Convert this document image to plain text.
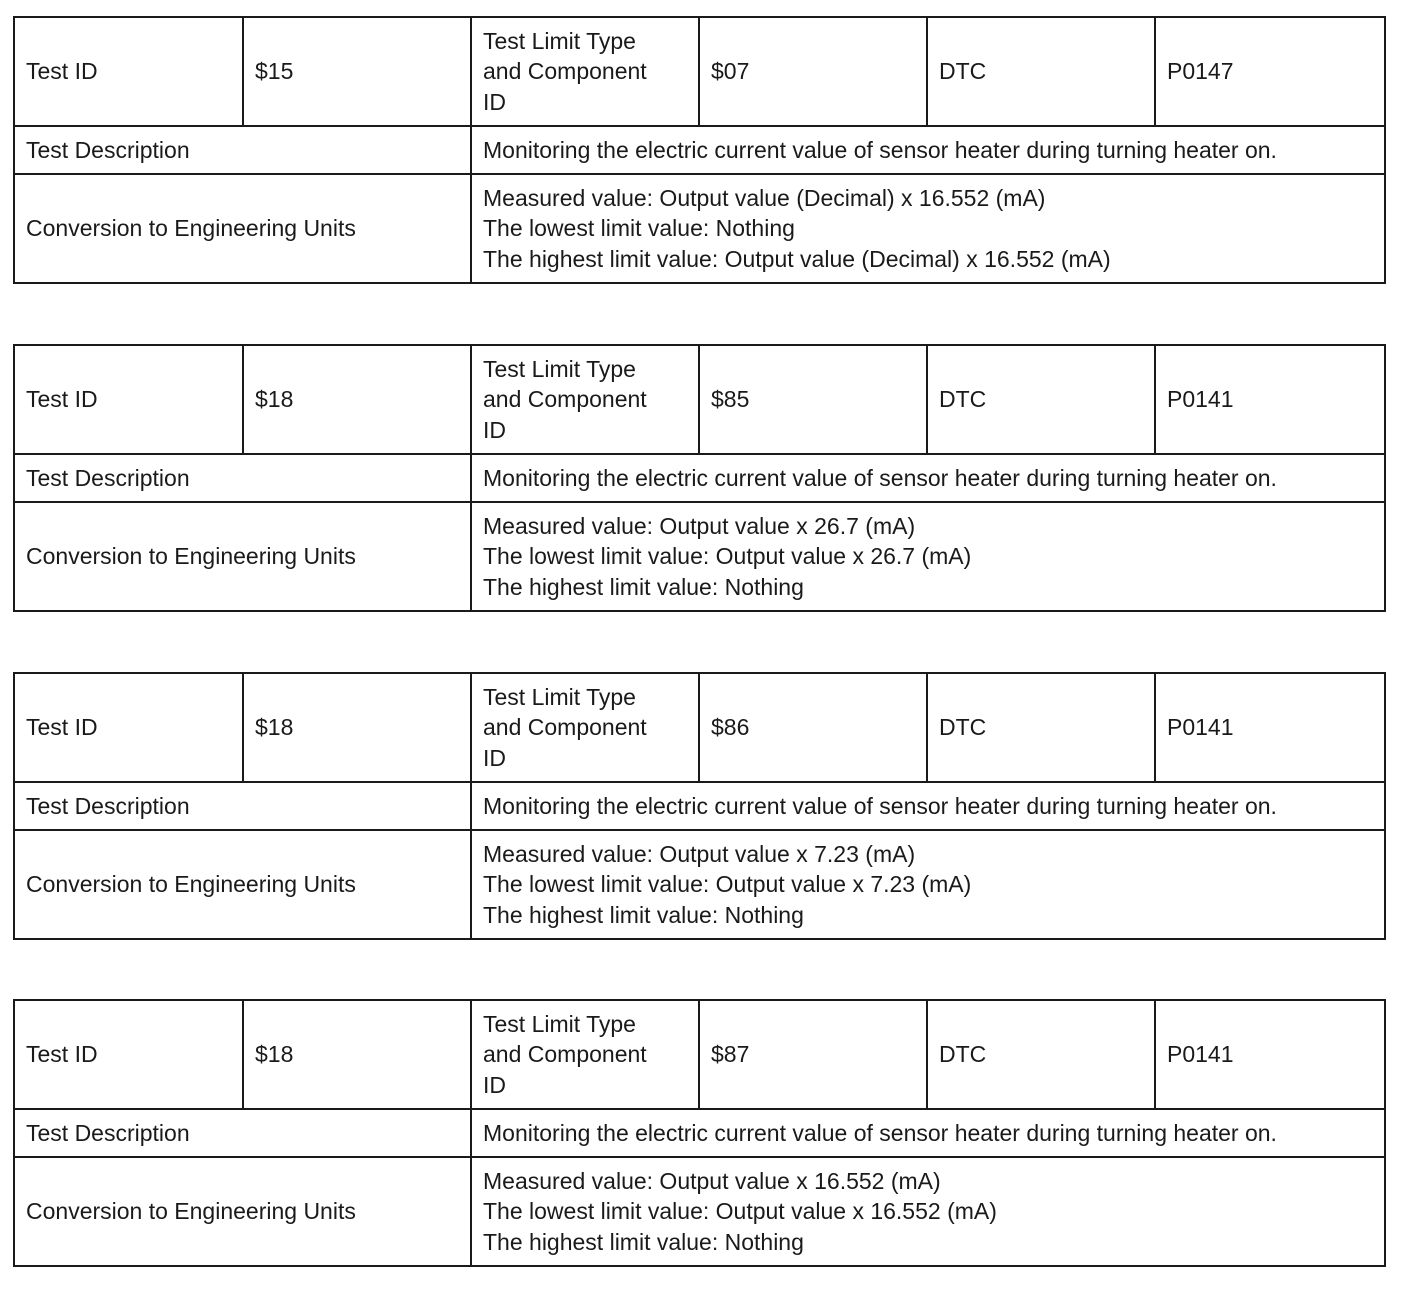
Test ID	$15	Test Limit Type
and Component
ID	$07	DTC	P0147
Test Description		Monitoring the electric current value of sensor heater during turning heater on.			
Conversion to Engineering Units		Measured value: Output value (Decimal) x 16.552 (mA)
The lowest limit value: Nothing
The highest limit value: Output value (Decimal) x 16.552 (mA)			
Test ID	$18	Test Limit Type
and Component
ID	$85	DTC	P0141
Test Description		Monitoring the electric current value of sensor heater during turning heater on.			
Conversion to Engineering Units		Measured value: Output value x 26.7 (mA)
The lowest limit value: Output value x 26.7 (mA)
The highest limit value: Nothing			
Test ID	$18	Test Limit Type
and Component
ID	$86	DTC	P0141
Test Description		Monitoring the electric current value of sensor heater during turning heater on.			
Conversion to Engineering Units		Measured value: Output value x 7.23 (mA)
The lowest limit value: Output value x 7.23 (mA)
The highest limit value: Nothing			
Test ID	$18	Test Limit Type
and Component
ID	$87	DTC	P0141
Test Description		Monitoring the electric current value of sensor heater during turning heater on.			
Conversion to Engineering Units		Measured value: Output value x 16.552 (mA)
The lowest limit value: Output value x 16.552 (mA)
The highest limit value: Nothing			
